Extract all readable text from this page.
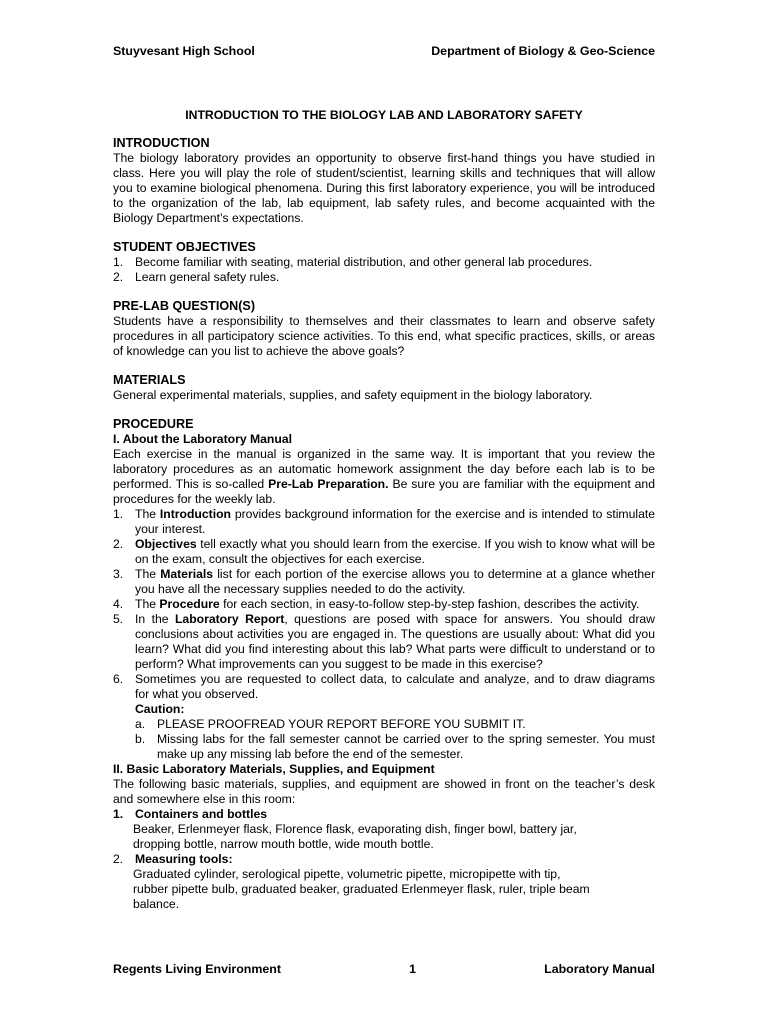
Stuyvesant High School	Department of Biology & Geo-Science
INTRODUCTION TO THE BIOLOGY LAB AND LABORATORY SAFETY
INTRODUCTION

The biology laboratory provides an opportunity to observe first-hand things you have studied in class. Here you will play the role of student/scientist, learning skills and techniques that will allow you to examine biological phenomena. During this first laboratory experience, you will be introduced to the organization of the lab, lab equipment, lab safety rules, and become acquainted with the Biology Department’s expectations.

STUDENT OBJECTIVES
1. Become familiar with seating, material distribution, and other general lab procedures.
2. Learn general safety rules.
PRE-LAB QUESTION(S)

Students have a responsibility to themselves and their classmates to learn and observe safety procedures in all participatory science activities. To this end, what specific practices, skills, or areas of knowledge can you list to achieve the above goals?

MATERIALS

General experimental materials, supplies, and safety equipment in the biology laboratory.

PROCEDURE
I. About the Laboratory Manual

Each exercise in the manual is organized in the same way. It is important that you review the laboratory procedures as an automatic homework assignment the day before each lab is to be performed. This is so-called Pre-Lab Preparation. Be sure you are familiar with the equipment and procedures for the weekly lab.

1. The Introduction provides background information for the exercise and is intended to stimulate your interest.
2. Objectives tell exactly what you should learn from the exercise. If you wish to know what will be on the exam, consult the objectives for each exercise.
3. The Materials list for each portion of the exercise allows you to determine at a glance whether you have all the necessary supplies needed to do the activity.
4. The Procedure for each section, in easy-to-follow step-by-step fashion, describes the activity.
5. In the Laboratory Report, questions are posed with space for answers. You should draw conclusions about activities you are engaged in. The questions are usually about: What did you learn? What did you find interesting about this lab? What parts were difficult to understand or to perform? What improvements can you suggest to be made in this exercise?
6. Sometimes you are requested to collect data, to calculate and analyze, and to draw diagrams for what you observed.
Caution:
a. PLEASE PROOFREAD YOUR REPORT BEFORE YOU SUBMIT IT.
b. Missing labs for the fall semester cannot be carried over to the spring semester. You must make up any missing lab before the end of the semester.
II. Basic Laboratory Materials, Supplies, and Equipment

The following basic materials, supplies, and equipment are showed in front on the teacher’s desk and somewhere else in this room:

1. Containers and bottles
Beaker, Erlenmeyer flask, Florence flask, evaporating dish, finger bowl, battery jar,
dropping bottle, narrow mouth bottle, wide mouth bottle.
2. Measuring tools:
Graduated cylinder, serological pipette, volumetric pipette, micropipette with tip,
rubber pipette bulb, graduated beaker, graduated Erlenmeyer flask, ruler, triple beam
balance.
Regents Living Environment	1	Laboratory Manual
